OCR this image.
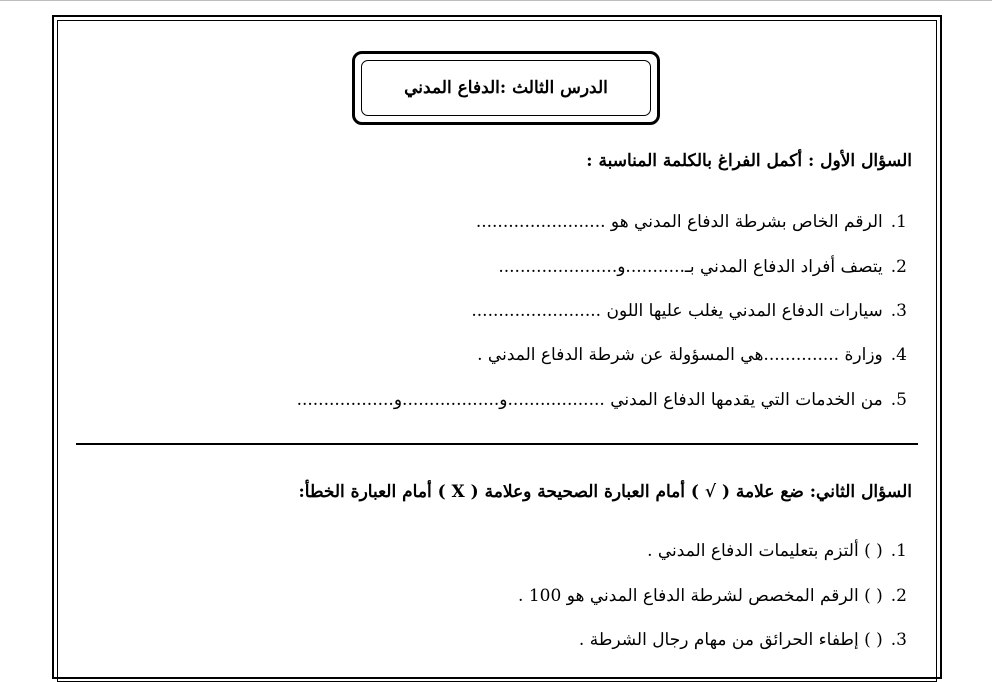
الدرس الثالث :الدفاع المدني
السؤال الأول : أكمل الفراغ بالكلمة المناسبة :
1.الرقم الخاص بشرطة الدفاع المدني هو ........................
2.يتصف أفراد الدفاع المدني بـ...........و......................
3.سيارات الدفاع المدني يغلب عليها اللون ........................
4.وزارة ..............هي المسؤولة عن شرطة الدفاع المدني .
5.من الخدمات التي يقدمها الدفاع المدني ..................و..................و..................
السؤال الثاني: ضع علامة ( √ ) أمام العبارة الصحيحة وعلامة ( X ) أمام العبارة الخطأ:
1.( ) ألتزم بتعليمات الدفاع المدني .
2.( ) الرقم المخصص لشرطة الدفاع المدني هو 100 .
3.( ) إطفاء الحرائق من مهام رجال الشرطة .
